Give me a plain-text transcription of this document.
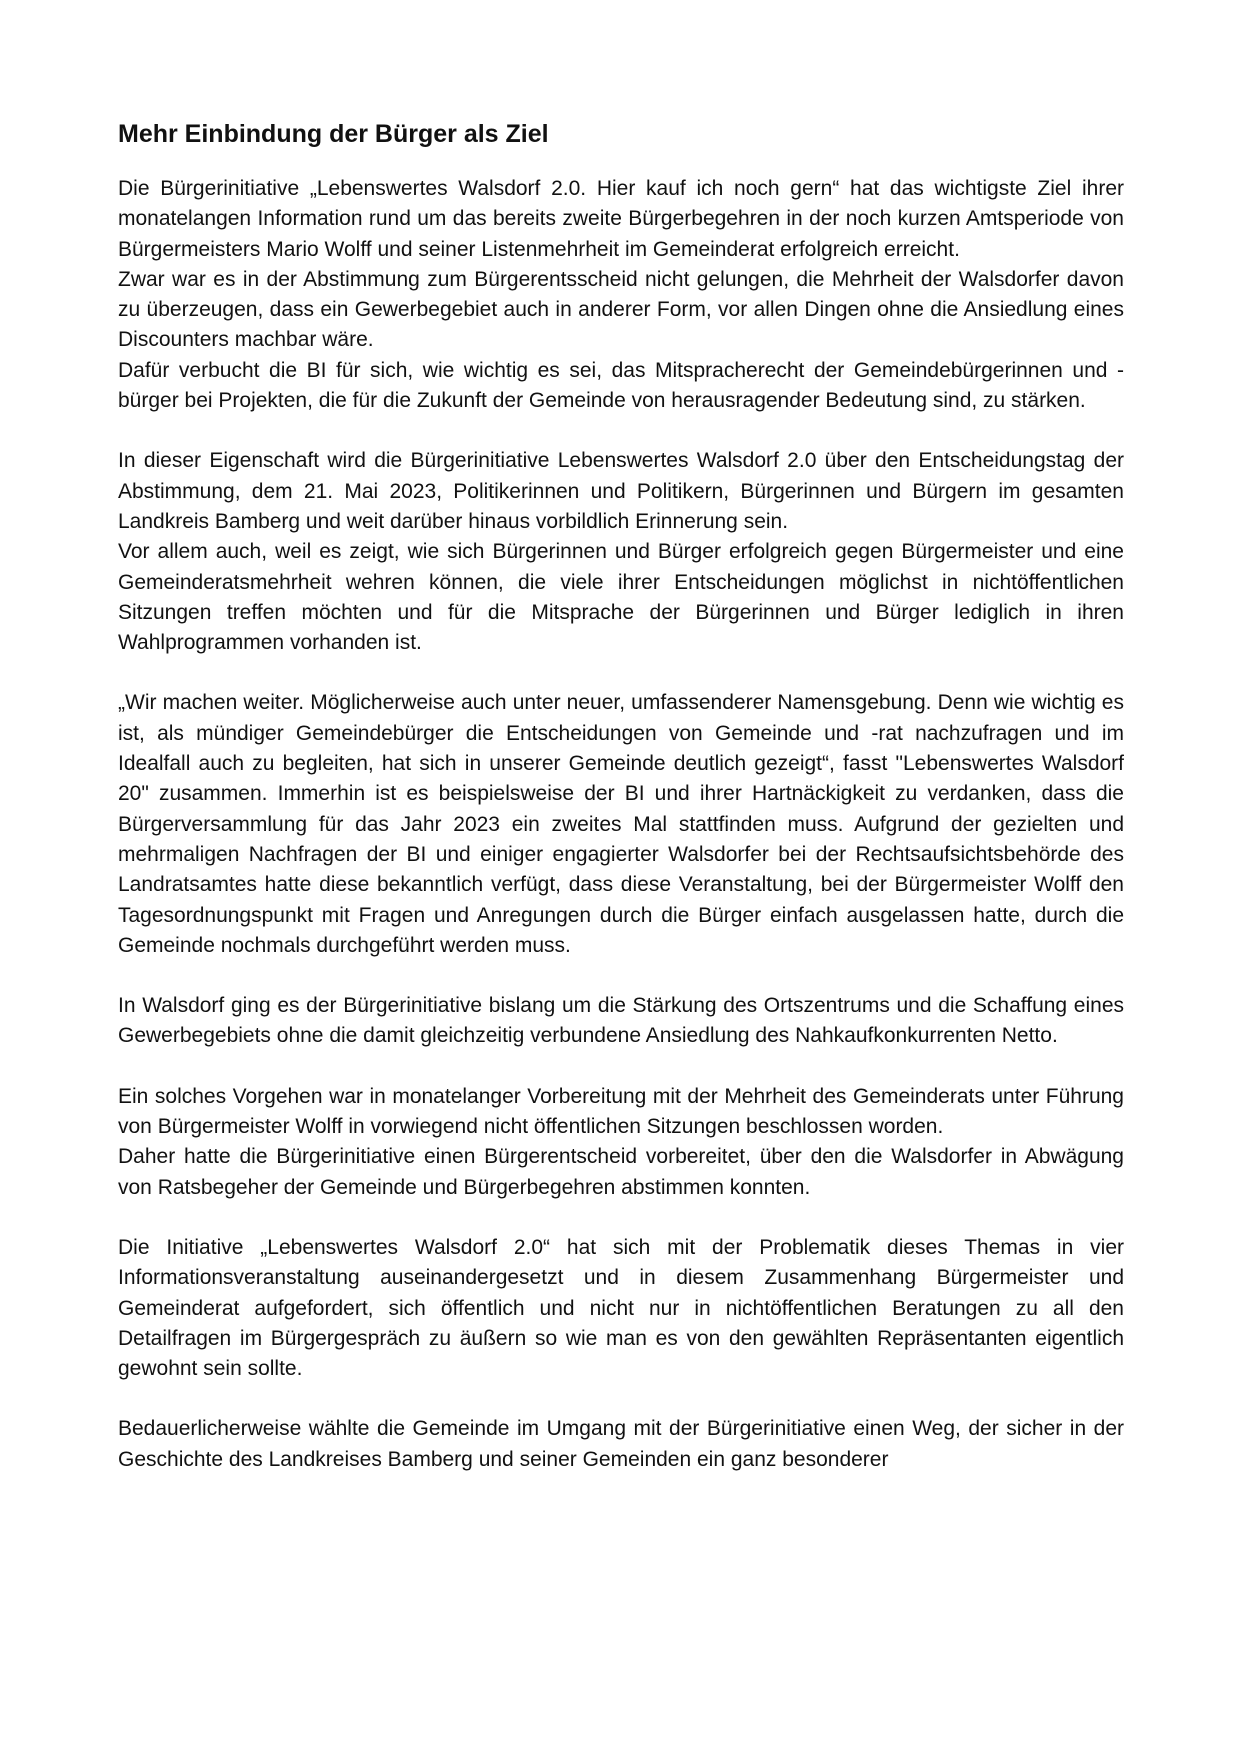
Mehr Einbindung der Bürger als Ziel

Die Bürgerinitiative „Lebenswertes Walsdorf 2.0. Hier kauf ich noch gern“ hat das wichtigste Ziel ihrer monatelangen Information rund um das bereits zweite Bürgerbegehren in der noch kurzen Amtsperiode von Bürgermeisters Mario Wolff und seiner Listenmehrheit im Gemeinderat erfolgreich erreicht.
Zwar war es in der Abstimmung zum Bürgerentsscheid nicht gelungen, die Mehrheit der Walsdorfer davon zu überzeugen, dass ein Gewerbegebiet auch in anderer Form, vor allen Dingen ohne die Ansiedlung eines Discounters machbar wäre.
Dafür verbucht die BI für sich, wie wichtig es sei, das Mitspracherecht der Gemeindebürgerinnen und -bürger bei Projekten, die für die Zukunft der Gemeinde von herausragender Bedeutung sind, zu stärken.

In dieser Eigenschaft wird die Bürgerinitiative Lebenswertes Walsdorf 2.0 über den Entscheidungstag der Abstimmung, dem 21. Mai 2023, Politikerinnen und Politikern, Bürgerinnen und Bürgern im gesamten Landkreis Bamberg und weit darüber hinaus vorbildlich Erinnerung sein.
Vor allem auch, weil es zeigt, wie sich Bürgerinnen und Bürger erfolgreich gegen Bürgermeister und eine Gemeinderatsmehrheit wehren können, die viele ihrer Entscheidungen möglichst in nichtöffentlichen Sitzungen treffen möchten und für die Mitsprache der Bürgerinnen und Bürger lediglich in ihren Wahlprogrammen vorhanden ist.

„Wir machen weiter. Möglicherweise auch unter neuer, umfassenderer Namensgebung. Denn wie wichtig es ist, als mündiger Gemeindebürger die Entscheidungen von Gemeinde und -rat nachzufragen und im Idealfall auch zu begleiten, hat sich in unserer Gemeinde deutlich gezeigt“, fasst "Lebenswertes Walsdorf 20" zusammen. Immerhin ist es beispielsweise der BI und ihrer Hartnäckigkeit zu verdanken, dass die Bürgerversammlung für das Jahr 2023 ein zweites Mal stattfinden muss. Aufgrund der gezielten und mehrmaligen Nachfragen der BI und einiger engagierter Walsdorfer bei der Rechtsaufsichtsbehörde des Landratsamtes hatte diese bekanntlich verfügt, dass diese Veranstaltung, bei der Bürgermeister Wolff den Tagesordnungspunkt mit Fragen und Anregungen durch die Bürger einfach ausgelassen hatte, durch die Gemeinde nochmals durchgeführt werden muss.

In Walsdorf ging es der Bürgerinitiative bislang um die Stärkung des Ortszentrums und die Schaffung eines Gewerbegebiets ohne die damit gleichzeitig verbundene Ansiedlung des Nahkaufkonkurrenten Netto.

Ein solches Vorgehen war in monatelanger Vorbereitung mit der Mehrheit des Gemeinderats unter Führung von Bürgermeister Wolff in vorwiegend nicht öffentlichen Sitzungen beschlossen worden.
Daher hatte die Bürgerinitiative einen Bürgerentscheid vorbereitet, über den die Walsdorfer in Abwägung von Ratsbegeher der Gemeinde und Bürgerbegehren abstimmen konnten.

Die Initiative „Lebenswertes Walsdorf 2.0“ hat sich mit der Problematik dieses Themas in vier Informationsveranstaltung auseinandergesetzt und in diesem Zusammenhang Bürgermeister und Gemeinderat aufgefordert, sich öffentlich und nicht nur in nichtöffentlichen Beratungen zu all den Detailfragen im Bürgergespräch zu äußern so wie man es von den gewählten Repräsentanten eigentlich gewohnt sein sollte.

Bedauerlicherweise wählte die Gemeinde im Umgang mit der Bürgerinitiative einen Weg, der sicher in der Geschichte des Landkreises Bamberg und seiner Gemeinden ein ganz besonderer
